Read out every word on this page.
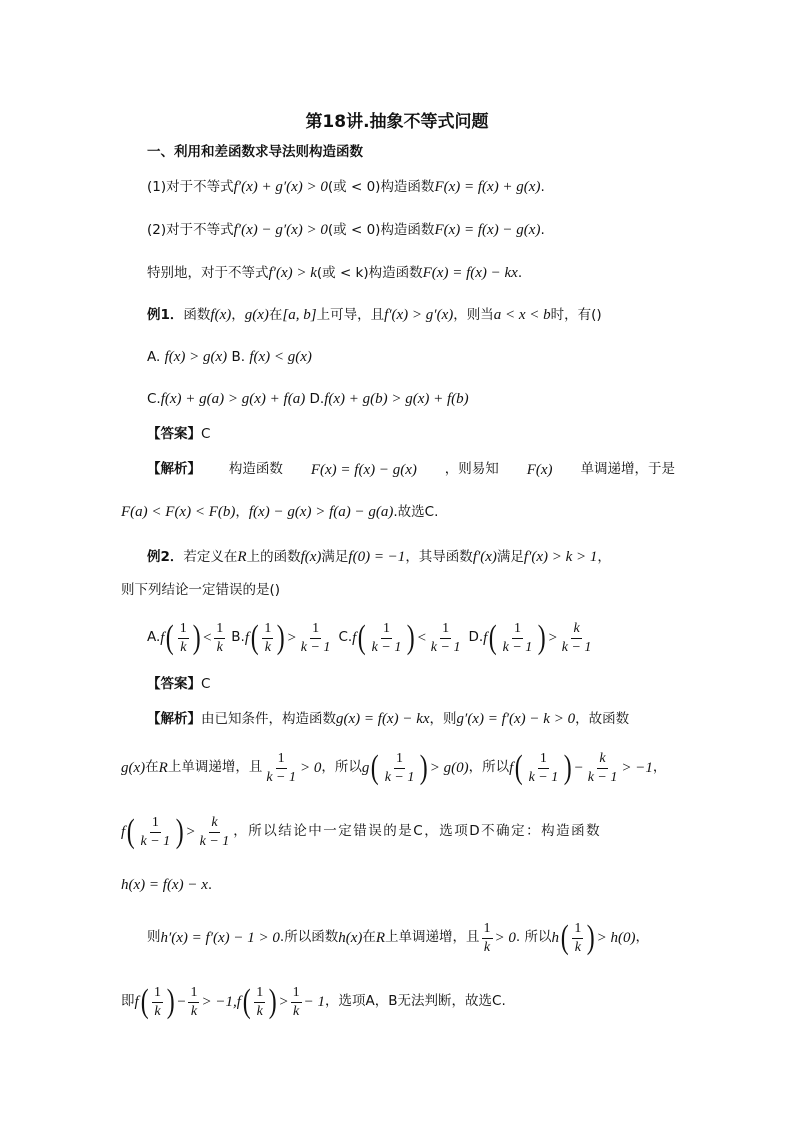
第18讲.抽象不等式问题
一、利用和差函数求导法则构造函数
(1)对于不等式f′(x) + g′(x) > 0(或 < 0)构造函数F(x) = f(x) + g(x).
(2)对于不等式f′(x) − g′(x) > 0(或 < 0)构造函数F(x) = f(x) − g(x).
特别地，对于不等式f′(x) > k(或 < k)构造函数F(x) = f(x) − kx.
例1．函数f(x)，g(x)在[a, b]上可导，且f′(x) > g′(x)，则当a < x < b时，有()
A. f(x) > g(x) B. f(x) < g(x)
C.f(x) + g(a) > g(x) + f(a) D.f(x) + g(b) > g(x) + f(b)
【答案】C
【解析】 构造函数 F(x) = f(x) − g(x) ，则易知 F(x) 单调递增，于是
F(a) < F(x) < F(b)，f(x) − g(x) > f(a) − g(a).故选C.
例2．若定义在R上的函数f(x)满足f(0) = −1，其导函数f′(x)满足f′(x) > k > 1，
则下列结论一定错误的是()
A. f ( $\frac{1}{k}$ ) < $\frac{1}{k} B$. f ( $\frac{1}{k}$ ) > $\frac{1}{k - 1} C$. f ( $\frac{1}{k - 1}$ ) < $\frac{1}{k - 1} D$. f ( $\frac{1}{k - 1}$ ) > $\frac{k}{k - 1}$
【答案】C
【解析】由已知条件，构造函数g(x) = f(x) − kx，则g′(x) = f′(x) − k > 0，故函数
g(x) 在 R 上单调递增，且 $\frac{1}{k - 1} > 0$ ，所以 g ( $\frac{1}{k - 1}$ ) > g(0) ，所以 f ( $\frac{1}{k - 1}$ ) − $\frac{k}{k - 1} > -1$ ，
f ( $\frac{1}{k - 1}$ ) > $\frac{k}{k - 1}$ ，所以结论中一定错误的是C，选项D不确定：构造函数
h(x) = f(x) − x.
则 h′(x) = f′(x) − 1 > 0 .所以函数 h(x) 在 R 上单调递增，且 $\frac{1}{k} > 0$ . 所以 h ( $\frac{1}{k}$ ) > h(0) ，
即 f ( $\frac{1}{k}$ ) − $\frac{1}{k} > -1$, f ( $\frac{1}{k}$ ) > $\frac{1}{k} - 1$ ，选项A，B无法判断，故选C.
